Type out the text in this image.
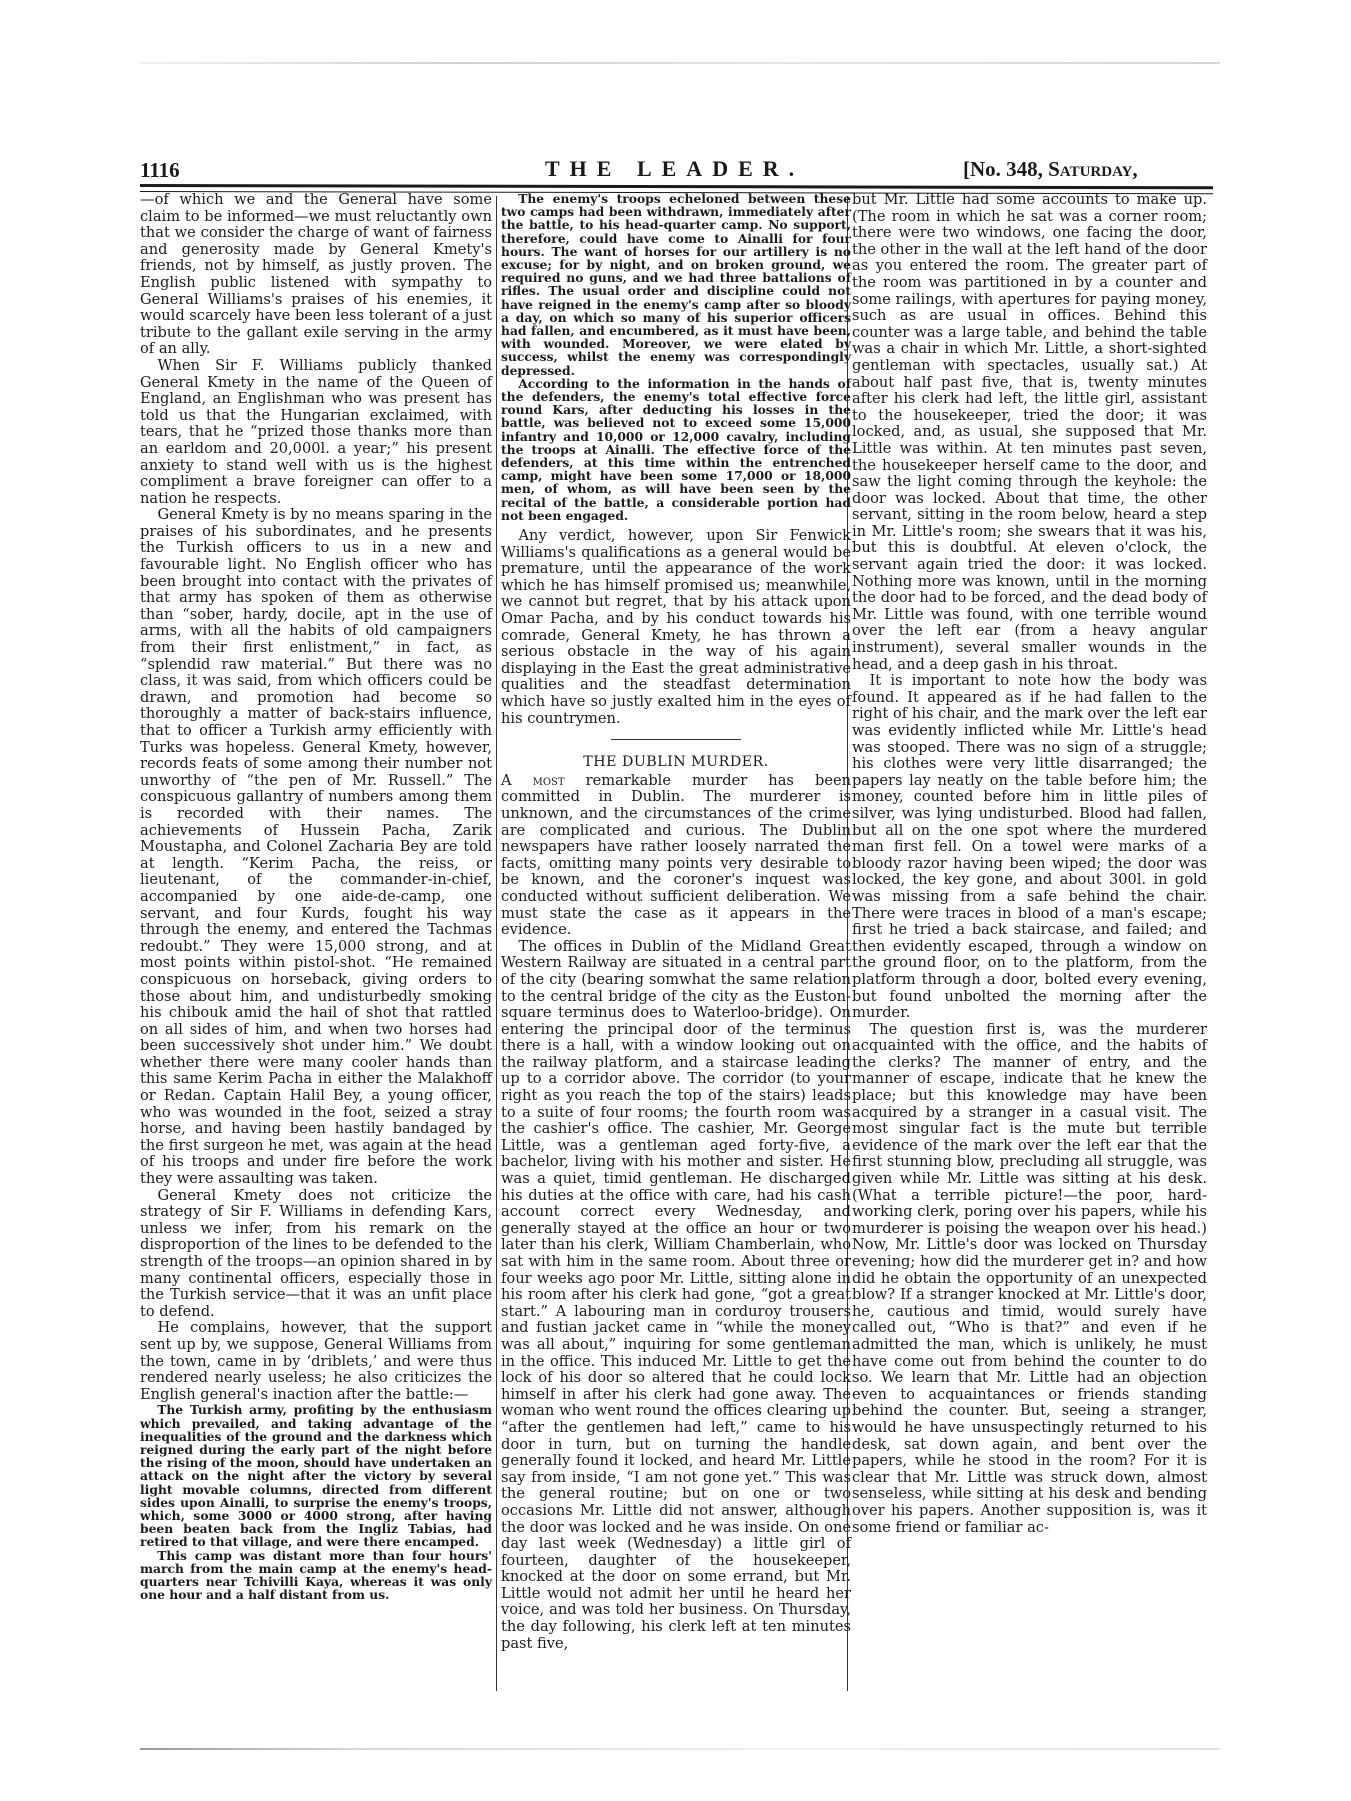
1116	THE LEADER.	[No. 348, Saturday,

—of which we and the General have some claim to be informed—we must reluctantly own that we consider the charge of want of fairness and generosity made by General Kmety's friends, not by himself, as justly proven. The English public listened with sympathy to General Williams's praises of his enemies, it would scarcely have been less tolerant of a just tribute to the gallant exile serving in the army of an ally.

When Sir F. Williams publicly thanked General Kmety in the name of the Queen of England, an Englishman who was present has told us that the Hungarian exclaimed, with tears, that he “prized those thanks more than an earldom and 20,000l. a year;” his present anxiety to stand well with us is the highest compliment a brave foreigner can offer to a nation he respects.

General Kmety is by no means sparing in the praises of his subordinates, and he presents the Turkish officers to us in a new and favourable light. No English officer who has been brought into contact with the privates of that army has spoken of them as otherwise than “sober, hardy, docile, apt in the use of arms, with all the habits of old campaigners from their first enlistment,” in fact, as “splendid raw material.” But there was no class, it was said, from which officers could be drawn, and promotion had become so thoroughly a matter of back-stairs influence, that to officer a Turkish army efficiently with Turks was hopeless. General Kmety, however, records feats of some among their number not unworthy of “the pen of Mr. Russell.” The conspicuous gallantry of numbers among them is recorded with their names. The achievements of Hussein Pacha, Zarik Moustapha, and Colonel Zacharia Bey are told at length. “Kerim Pacha, the reiss, or lieutenant, of the commander-in-chief, accompanied by one aide-de-camp, one servant, and four Kurds, fought his way through the enemy, and entered the Tachmas redoubt.” They were 15,000 strong, and at most points within pistol-shot. “He remained conspicuous on horseback, giving orders to those about him, and undisturbedly smoking his chibouk amid the hail of shot that rattled on all sides of him, and when two horses had been successively shot under him.” We doubt whether there were many cooler hands than this same Kerim Pacha in either the Malakhoff or Redan. Captain Halil Bey, a young officer, who was wounded in the foot, seized a stray horse, and having been hastily bandaged by the first surgeon he met, was again at the head of his troops and under fire before the work they were assaulting was taken.

General Kmety does not criticize the strategy of Sir F. Williams in defending Kars, unless we infer, from his remark on the disproportion of the lines to be defended to the strength of the troops—an opinion shared in by many continental officers, especially those in the Turkish service—that it was an unfit place to defend.

He complains, however, that the support sent up by, we suppose, General Williams from the town, came in by ‘driblets,’ and were thus rendered nearly useless; he also criticizes the English general's inaction after the battle:—

The Turkish army, profiting by the enthusiasm which prevailed, and taking advantage of the inequalities of the ground and the darkness which reigned during the early part of the night before the rising of the moon, should have undertaken an attack on the night after the victory by several light movable columns, directed from different sides upon Ainalli, to surprise the enemy's troops, which, some 3000 or 4000 strong, after having been beaten back from the Ingliz Tabias, had retired to that village, and were there encamped.

This camp was distant more than four hours' march from the main camp at the enemy's head-quarters near Tchivilli Kaya, whereas it was only one hour and a half distant from us.

The enemy's troops echeloned between these two camps had been withdrawn, immediately after the battle, to his head-quarter camp. No support, therefore, could have come to Ainalli for four hours. The want of horses for our artillery is no excuse; for by night, and on broken ground, we required no guns, and we had three battalions of rifles. The usual order and discipline could not have reigned in the enemy's camp after so bloody a day, on which so many of his superior officers had fallen, and encumbered, as it must have been, with wounded. Moreover, we were elated by success, whilst the enemy was correspondingly depressed.

According to the information in the hands of the defenders, the enemy's total effective force round Kars, after deducting his losses in the battle, was believed not to exceed some 15,000 infantry and 10,000 or 12,000 cavalry, including the troops at Ainalli. The effective force of the defenders, at this time within the entrenched camp, might have been some 17,000 or 18,000 men, of whom, as will have been seen by the recital of the battle, a considerable portion had not been engaged.

Any verdict, however, upon Sir Fenwick Williams's qualifications as a general would be premature, until the appearance of the work which he has himself promised us; meanwhile, we cannot but regret, that by his attack upon Omar Pacha, and by his conduct towards his comrade, General Kmety, he has thrown a serious obstacle in the way of his again displaying in the East the great administrative qualities and the steadfast determination which have so justly exalted him in the eyes of his countrymen.

THE DUBLIN MURDER.

A most remarkable murder has been committed in Dublin. The murderer is unknown, and the circumstances of the crime are complicated and curious. The Dublin newspapers have rather loosely narrated the facts, omitting many points very desirable to be known, and the coroner's inquest was conducted without sufficient deliberation. We must state the case as it appears in the evidence.

The offices in Dublin of the Midland Great Western Railway are situated in a central part of the city (bearing somwhat the same relation to the central bridge of the city as the Euston-square terminus does to Waterloo-bridge). On entering the principal door of the terminus there is a hall, with a window looking out on the railway platform, and a staircase leading up to a corridor above. The corridor (to your right as you reach the top of the stairs) leads to a suite of four rooms; the fourth room was the cashier's office. The cashier, Mr. George Little, was a gentleman aged forty-five, a bachelor, living with his mother and sister. He was a quiet, timid gentleman. He discharged his duties at the office with care, had his cash account correct every Wednesday, and generally stayed at the office an hour or two later than his clerk, William Chamberlain, who sat with him in the same room. About three or four weeks ago poor Mr. Little, sitting alone in his room after his clerk had gone, “got a great start.” A labouring man in corduroy trousers and fustian jacket came in “while the money was all about,” inquiring for some gentleman in the office. This induced Mr. Little to get the lock of his door so altered that he could lock himself in after his clerk had gone away. The woman who went round the offices clearing up “after the gentlemen had left,” came to his door in turn, but on turning the handle generally found it locked, and heard Mr. Little say from inside, “I am not gone yet.” This was the general routine; but on one or two occasions Mr. Little did not answer, although the door was locked and he was inside. On one day last week (Wednesday) a little girl of fourteen, daughter of the housekeeper, knocked at the door on some errand, but Mr. Little would not admit her until he heard her voice, and was told her business. On Thursday, the day following, his clerk left at ten minutes past five,

but Mr. Little had some accounts to make up. (The room in which he sat was a corner room; there were two windows, one facing the door, the other in the wall at the left hand of the door as you entered the room. The greater part of the room was partitioned in by a counter and some railings, with apertures for paying money, such as are usual in offices. Behind this counter was a large table, and behind the table was a chair in which Mr. Little, a short-sighted gentleman with spectacles, usually sat.) At about half past five, that is, twenty minutes after his clerk had left, the little girl, assistant to the housekeeper, tried the door; it was locked, and, as usual, she supposed that Mr. Little was within. At ten minutes past seven, the housekeeper herself came to the door, and saw the light coming through the keyhole: the door was locked. About that time, the other servant, sitting in the room below, heard a step in Mr. Little's room; she swears that it was his, but this is doubtful. At eleven o'clock, the servant again tried the door: it was locked. Nothing more was known, until in the morning the door had to be forced, and the dead body of Mr. Little was found, with one terrible wound over the left ear (from a heavy angular instrument), several smaller wounds in the head, and a deep gash in his throat.

It is important to note how the body was found. It appeared as if he had fallen to the right of his chair, and the mark over the left ear was evidently inflicted while Mr. Little's head was stooped. There was no sign of a struggle; his clothes were very little disarranged; the papers lay neatly on the table before him; the money, counted before him in little piles of silver, was lying undisturbed. Blood had fallen, but all on the one spot where the murdered man first fell. On a towel were marks of a bloody razor having been wiped; the door was locked, the key gone, and about 300l. in gold was missing from a safe behind the chair. There were traces in blood of a man's escape; first he tried a back staircase, and failed; and then evidently escaped, through a window on the ground floor, on to the platform, from the platform through a door, bolted every evening, but found unbolted the morning after the murder.

The question first is, was the murderer acquainted with the office, and the habits of the clerks? The manner of entry, and the manner of escape, indicate that he knew the place; but this knowledge may have been acquired by a stranger in a casual visit. The most singular fact is the mute but terrible evidence of the mark over the left ear that the first stunning blow, precluding all struggle, was given while Mr. Little was sitting at his desk. (What a terrible picture!—the poor, hard-working clerk, poring over his papers, while his murderer is poising the weapon over his head.) Now, Mr. Little's door was locked on Thursday evening; how did the murderer get in? and how did he obtain the opportunity of an unexpected blow? If a stranger knocked at Mr. Little's door, he, cautious and timid, would surely have called out, “Who is that?” and even if he admitted the man, which is unlikely, he must have come out from behind the counter to do so. We learn that Mr. Little had an objection even to acquaintances or friends standing behind the counter. But, seeing a stranger, would he have unsuspectingly returned to his desk, sat down again, and bent over the papers, while he stood in the room? For it is clear that Mr. Little was struck down, almost senseless, while sitting at his desk and bending over his papers. Another supposition is, was it some friend or familiar ac-
